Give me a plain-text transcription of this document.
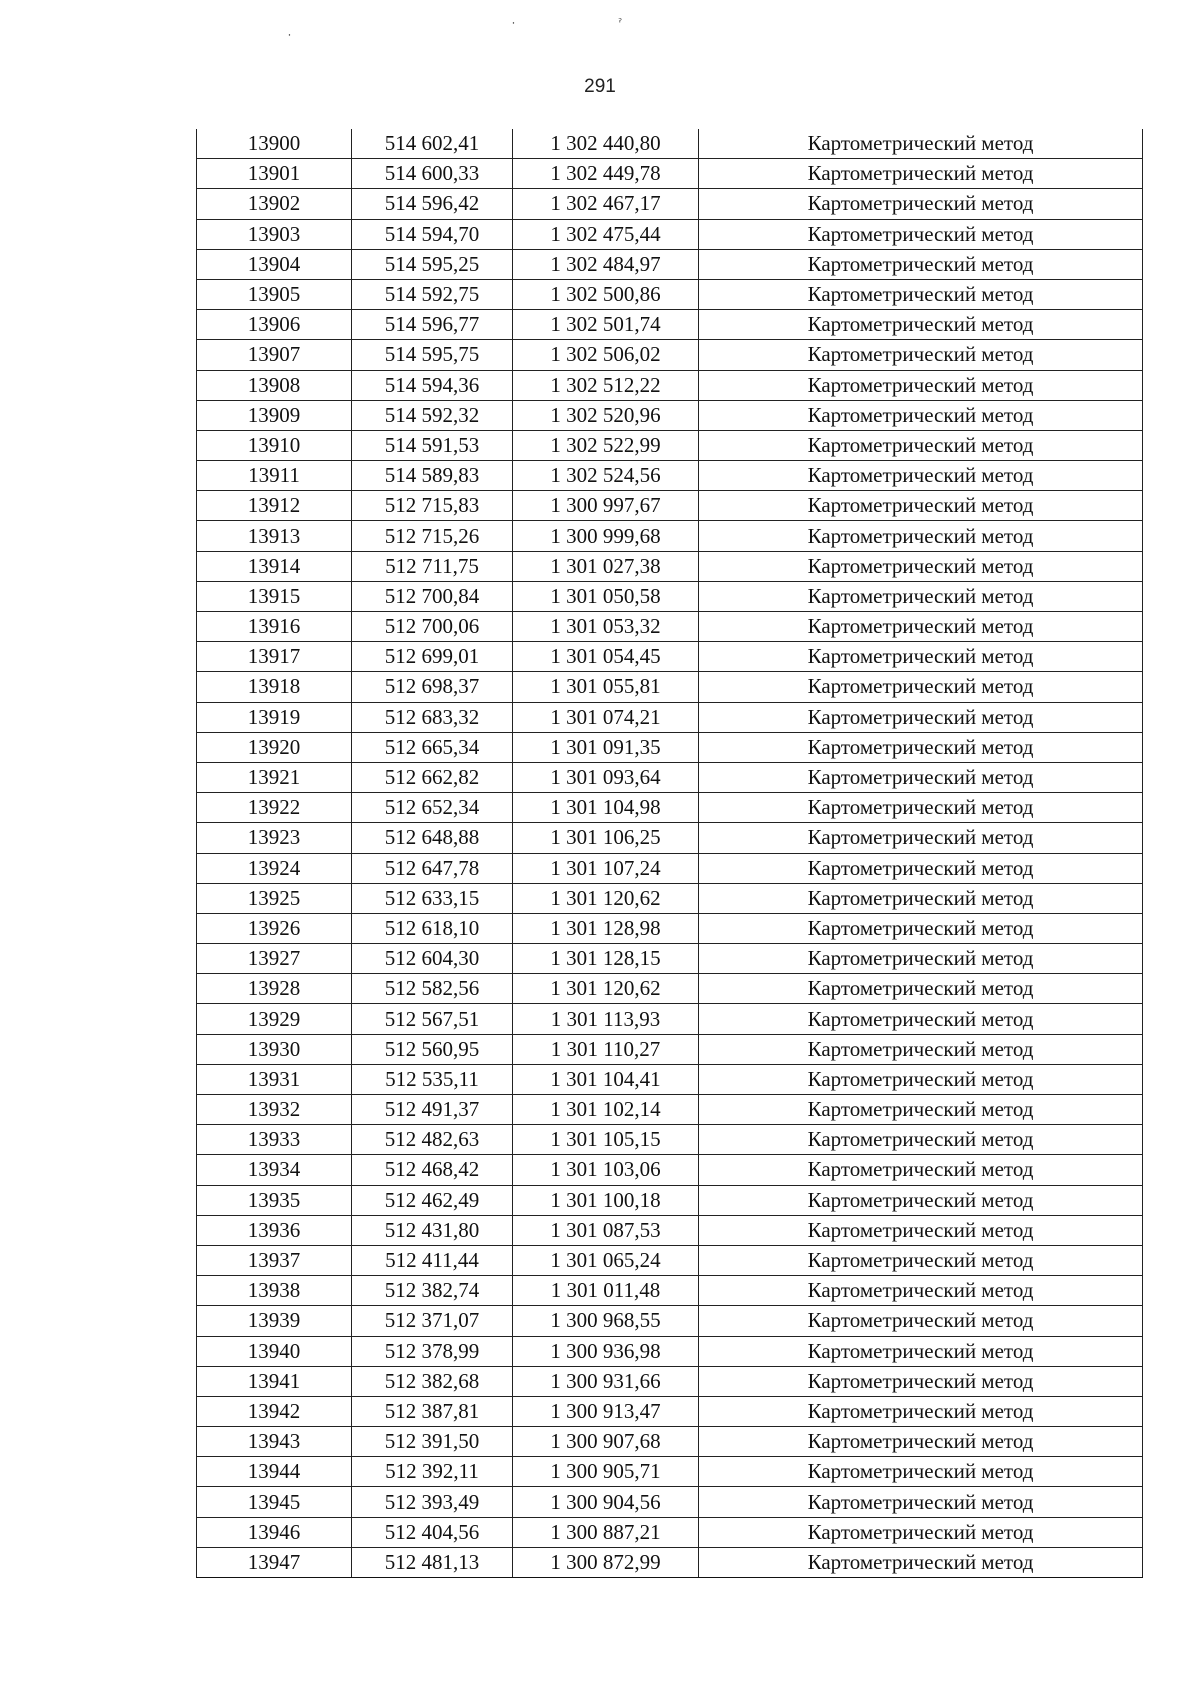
⸳
⸳	ˀ
291
13900	514 602,41	1 302 440,80	Картометрический метод
13901	514 600,33	1 302 449,78	Картометрический метод
13902	514 596,42	1 302 467,17	Картометрический метод
13903	514 594,70	1 302 475,44	Картометрический метод
13904	514 595,25	1 302 484,97	Картометрический метод
13905	514 592,75	1 302 500,86	Картометрический метод
13906	514 596,77	1 302 501,74	Картометрический метод
13907	514 595,75	1 302 506,02	Картометрический метод
13908	514 594,36	1 302 512,22	Картометрический метод
13909	514 592,32	1 302 520,96	Картометрический метод
13910	514 591,53	1 302 522,99	Картометрический метод
13911	514 589,83	1 302 524,56	Картометрический метод
13912	512 715,83	1 300 997,67	Картометрический метод
13913	512 715,26	1 300 999,68	Картометрический метод
13914	512 711,75	1 301 027,38	Картометрический метод
13915	512 700,84	1 301 050,58	Картометрический метод
13916	512 700,06	1 301 053,32	Картометрический метод
13917	512 699,01	1 301 054,45	Картометрический метод
13918	512 698,37	1 301 055,81	Картометрический метод
13919	512 683,32	1 301 074,21	Картометрический метод
13920	512 665,34	1 301 091,35	Картометрический метод
13921	512 662,82	1 301 093,64	Картометрический метод
13922	512 652,34	1 301 104,98	Картометрический метод
13923	512 648,88	1 301 106,25	Картометрический метод
13924	512 647,78	1 301 107,24	Картометрический метод
13925	512 633,15	1 301 120,62	Картометрический метод
13926	512 618,10	1 301 128,98	Картометрический метод
13927	512 604,30	1 301 128,15	Картометрический метод
13928	512 582,56	1 301 120,62	Картометрический метод
13929	512 567,51	1 301 113,93	Картометрический метод
13930	512 560,95	1 301 110,27	Картометрический метод
13931	512 535,11	1 301 104,41	Картометрический метод
13932	512 491,37	1 301 102,14	Картометрический метод
13933	512 482,63	1 301 105,15	Картометрический метод
13934	512 468,42	1 301 103,06	Картометрический метод
13935	512 462,49	1 301 100,18	Картометрический метод
13936	512 431,80	1 301 087,53	Картометрический метод
13937	512 411,44	1 301 065,24	Картометрический метод
13938	512 382,74	1 301 011,48	Картометрический метод
13939	512 371,07	1 300 968,55	Картометрический метод
13940	512 378,99	1 300 936,98	Картометрический метод
13941	512 382,68	1 300 931,66	Картометрический метод
13942	512 387,81	1 300 913,47	Картометрический метод
13943	512 391,50	1 300 907,68	Картометрический метод
13944	512 392,11	1 300 905,71	Картометрический метод
13945	512 393,49	1 300 904,56	Картометрический метод
13946	512 404,56	1 300 887,21	Картометрический метод
13947	512 481,13	1 300 872,99	Картометрический метод
